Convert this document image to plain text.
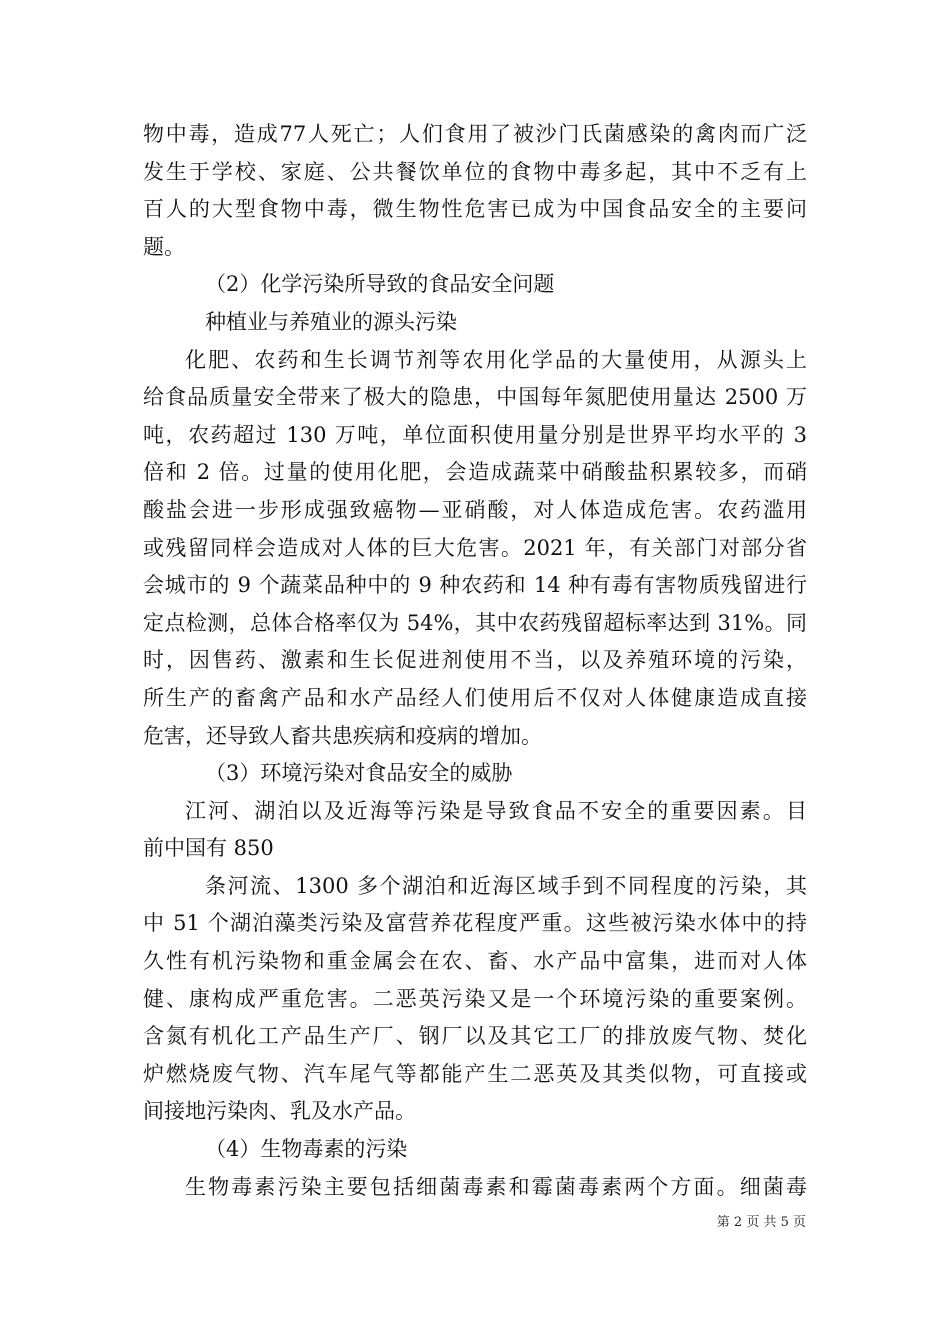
物中毒，造成77人死亡；人们食用了被沙门氏菌感染的禽肉而广泛
发生于学校、家庭、公共餐饮单位的食物中毒多起，其中不乏有上
百人的大型食物中毒，微生物性危害已成为中国食品安全的主要问
题。
（2）化学污染所导致的食品安全问题
种植业与养殖业的源头污染
化肥、农药和生长调节剂等农用化学品的大量使用，从源头上
给食品质量安全带来了极大的隐患，中国每年氮肥使用量达 2500 万
吨，农药超过 130 万吨，单位面积使用量分别是世界平均水平的 3
倍和 2 倍。过量的使用化肥，会造成蔬菜中硝酸盐积累较多，而硝
酸盐会进一步形成强致癌物—亚硝酸，对人体造成危害。农药滥用
或残留同样会造成对人体的巨大危害。2021 年，有关部门对部分省
会城市的 9 个蔬菜品种中的 9 种农药和 14 种有毒有害物质残留进行
定点检测，总体合格率仅为 54%，其中农药残留超标率达到 31%。同
时，因售药、激素和生长促进剂使用不当，以及养殖环境的污染，
所生产的畜禽产品和水产品经人们使用后不仅对人体健康造成直接
危害，还导致人畜共患疾病和疫病的增加。
（3）环境污染对食品安全的威胁
江河、湖泊以及近海等污染是导致食品不安全的重要因素。目
前中国有 850
条河流、1300 多个湖泊和近海区域手到不同程度的污染，其
中 51 个湖泊藻类污染及富营养花程度严重。这些被污染水体中的持
久性有机污染物和重金属会在农、畜、水产品中富集，进而对人体
健、康构成严重危害。二恶英污染又是一个环境污染的重要案例。
含氮有机化工产品生产厂、钢厂以及其它工厂的排放废气物、焚化
炉燃烧废气物、汽车尾气等都能产生二恶英及其类似物，可直接或
间接地污染肉、乳及水产品。
（4）生物毒素的污染
生物毒素污染主要包括细菌毒素和霉菌毒素两个方面。细菌毒
第 2 页 共 5 页
